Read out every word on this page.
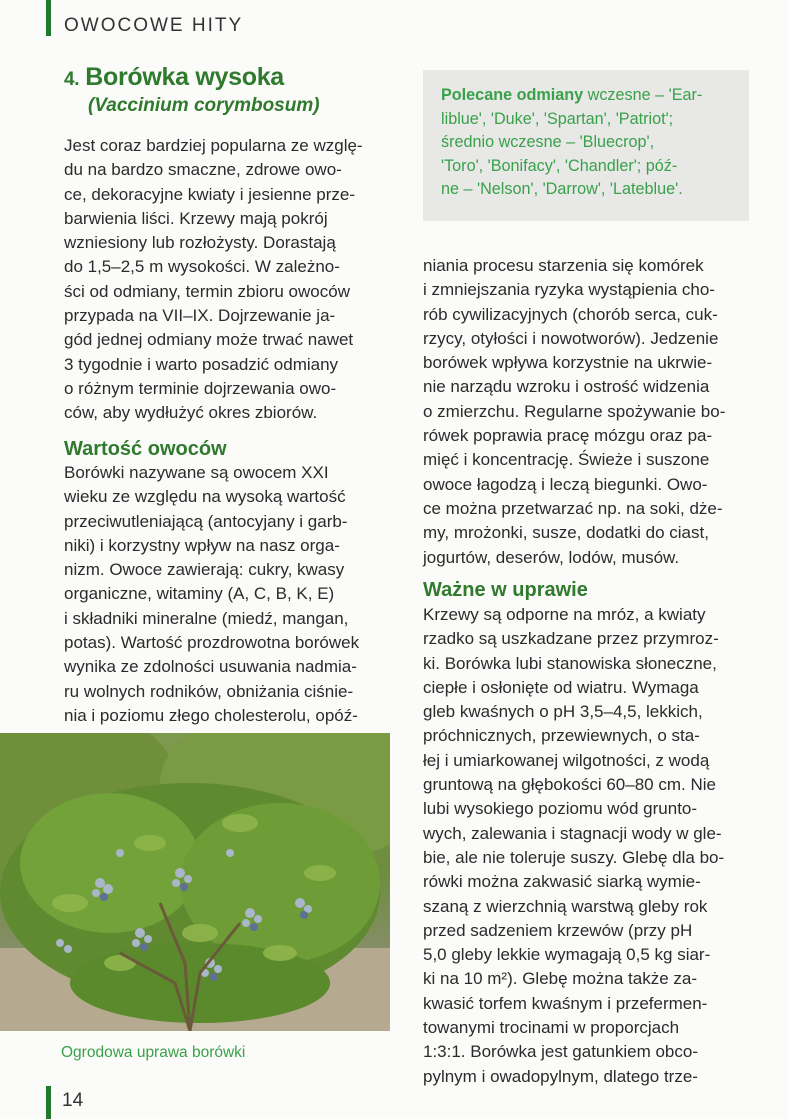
OWOCOWE HITY
4. Borówka wysoka
(Vaccinium corymbosum)	Polecane odmiany wczesne – 'Ear-
liblue', 'Duke', 'Spartan', 'Patriot';
średnio wczesne – 'Bluecrop',
'Toro', 'Bonifacy', 'Chandler'; póź-
ne – 'Nelson', 'Darrow', 'Lateblue'.
Jest coraz bardziej popularna ze wzglę-
du na bardzo smaczne, zdrowe owo-
ce, dekoracyjne kwiaty i jesienne prze-
barwienia liści. Krzewy mają pokrój
wzniesiony lub rozłożysty. Dorastają
do 1,5–2,5 m wysokości. W zależno-
ści od odmiany, termin zbioru owoców
przypada na VII–IX. Dojrzewanie ja-
gód jednej odmiany może trwać nawet
3 tygodnie i warto posadzić odmiany
o różnym terminie dojrzewania owo-
ców, aby wydłużyć okres zbiorów.
Wartość owoców
Borówki nazywane są owocem XXI
wieku ze względu na wysoką wartość
przeciwutleniającą (antocyjany i garb-
niki) i korzystny wpływ na nasz orga-
nizm. Owoce zawierają: cukry, kwasy
organiczne, witaminy (A, C, B, K, E)
i składniki mineralne (miedź, mangan,
potas). Wartość prozdrowotna borówek
wynika ze zdolności usuwania nadmia-
ru wolnych rodników, obniżania ciśnie-
nia i poziomu złego cholesterolu, opóź-
niania procesu starzenia się komórek
i zmniejszania ryzyka wystąpienia cho-
rób cywilizacyjnych (chorób serca, cuk-
rzycy, otyłości i nowotworów). Jedzenie
borówek wpływa korzystnie na ukrwie-
nie narządu wzroku i ostrość widzenia
o zmierzchu. Regularne spożywanie bo-
rówek poprawia pracę mózgu oraz pa-
mięć i koncentrację. Świeże i suszone
owoce łagodzą i leczą biegunki. Owo-
ce można przetwarzać np. na soki, dże-
my, mrożonki, susze, dodatki do ciast,
jogurtów, deserów, lodów, musów.
Ważne w uprawie
Krzewy są odporne na mróz, a kwiaty
rzadko są uszkadzane przez przymroz-
ki. Borówka lubi stanowiska słoneczne,
ciepłe i osłonięte od wiatru. Wymaga
gleb kwaśnych o pH 3,5–4,5, lekkich,
próchnicznych, przewiewnych, o sta-
łej i umiarkowanej wilgotności, z wodą
gruntową na głębokości 60–80 cm. Nie
lubi wysokiego poziomu wód grunto-
wych, zalewania i stagnacji wody w gle-
bie, ale nie toleruje suszy. Glebę dla bo-
rówki można zakwasić siarką wymie-
szaną z wierzchnią warstwą gleby rok
przed sadzeniem krzewów (przy pH
5,0 gleby lekkie wymagają 0,5 kg siar-
ki na 10 m²). Glebę można także za-
kwasić torfem kwaśnym i przefermen-
towanymi trocinami w proporcjach
1:3:1. Borówka jest gatunkiem obco-
pylnym i owadopylnym, dlatego trze-
Ogrodowa uprawa borówki
14
